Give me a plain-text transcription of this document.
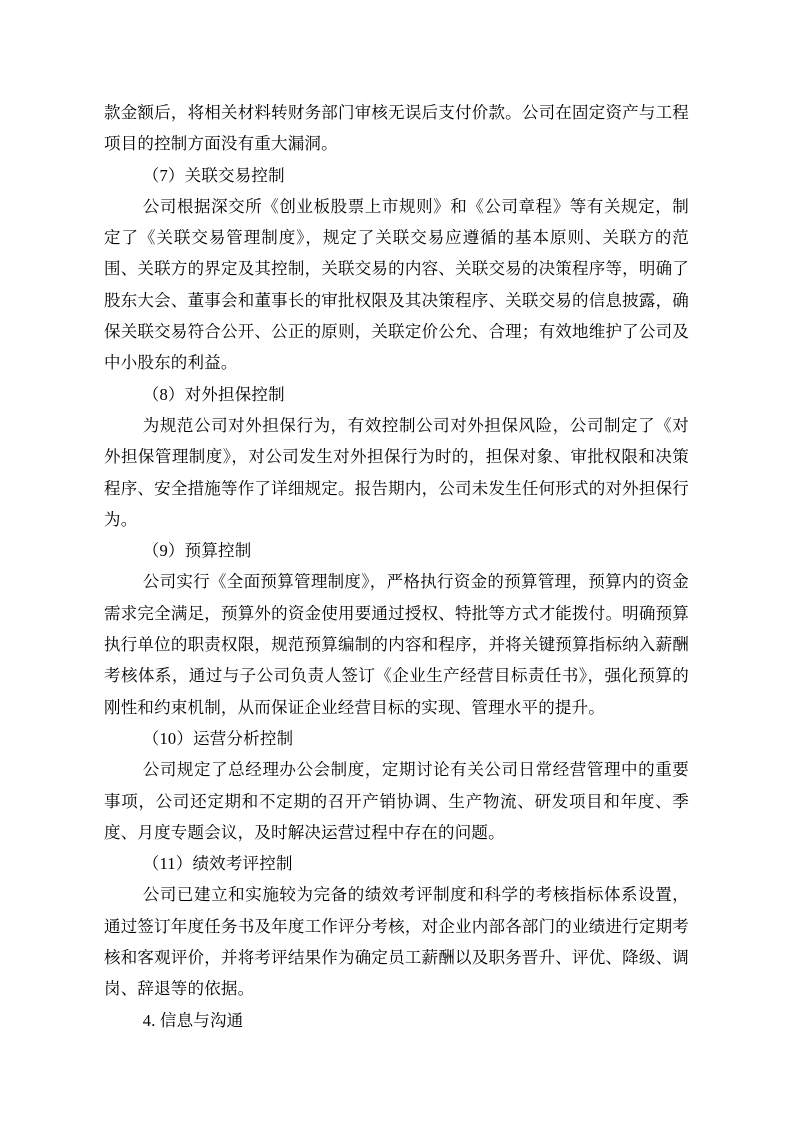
款金额后，将相关材料转财务部门审核无误后支付价款。公司在固定资产与工程项目的控制方面没有重大漏洞。

（7）关联交易控制

公司根据深交所《创业板股票上市规则》和《公司章程》等有关规定，制定了《关联交易管理制度》，规定了关联交易应遵循的基本原则、关联方的范围、关联方的界定及其控制，关联交易的内容、关联交易的决策程序等，明确了股东大会、董事会和董事长的审批权限及其决策程序、关联交易的信息披露，确保关联交易符合公开、公正的原则，关联定价公允、合理；有效地维护了公司及中小股东的利益。

（8）对外担保控制

为规范公司对外担保行为，有效控制公司对外担保风险，公司制定了《对外担保管理制度》，对公司发生对外担保行为时的，担保对象、审批权限和决策程序、安全措施等作了详细规定。报告期内，公司未发生任何形式的对外担保行为。

（9）预算控制

公司实行《全面预算管理制度》，严格执行资金的预算管理，预算内的资金需求完全满足，预算外的资金使用要通过授权、特批等方式才能拨付。明确预算执行单位的职责权限，规范预算编制的内容和程序，并将关键预算指标纳入薪酬考核体系，通过与子公司负责人签订《企业生产经营目标责任书》，强化预算的刚性和约束机制，从而保证企业经营目标的实现、管理水平的提升。

（10）运营分析控制

公司规定了总经理办公会制度，定期讨论有关公司日常经营管理中的重要事项，公司还定期和不定期的召开产销协调、生产物流、研发项目和年度、季度、月度专题会议，及时解决运营过程中存在的问题。

（11）绩效考评控制

公司已建立和实施较为完备的绩效考评制度和科学的考核指标体系设置，通过签订年度任务书及年度工作评分考核，对企业内部各部门的业绩进行定期考核和客观评价，并将考评结果作为确定员工薪酬以及职务晋升、评优、降级、调岗、辞退等的依据。

4. 信息与沟通
